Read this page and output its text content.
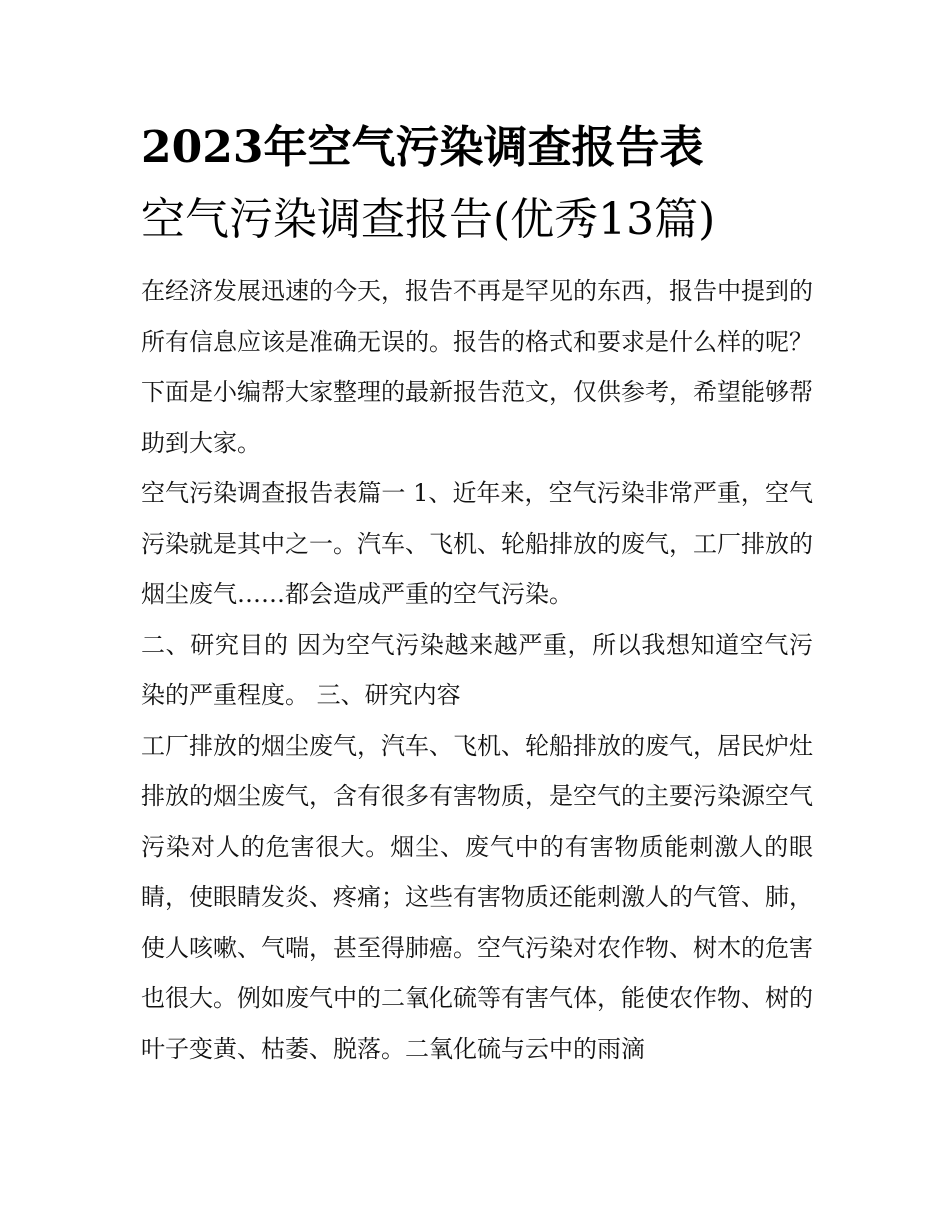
2023年空气污染调查报告表
空气污染调查报告(优秀13篇)

在经济发展迅速的今天，报告不再是罕见的东西，报告中提到的所有信息应该是准确无误的。报告的格式和要求是什么样的呢？下面是小编帮大家整理的最新报告范文，仅供参考，希望能够帮助到大家。

空气污染调查报告表篇一 1、近年来，空气污染非常严重，空气污染就是其中之一。汽车、飞机、轮船排放的废气，工厂排放的烟尘废气……都会造成严重的空气污染。

二、研究目的 因为空气污染越来越严重，所以我想知道空气污染的严重程度。 三、研究内容

工厂排放的烟尘废气，汽车、飞机、轮船排放的废气，居民炉灶排放的烟尘废气，含有很多有害物质，是空气的主要污染源空气污染对人的危害很大。烟尘、废气中的有害物质能刺激人的眼睛，使眼睛发炎、疼痛；这些有害物质还能刺激人的气管、肺，使人咳嗽、气喘，甚至得肺癌。空气污染对农作物、树木的危害也很大。例如废气中的二氧化硫等有害气体，能使农作物、树的叶子变黄、枯萎、脱落。二氧化硫与云中的雨滴
